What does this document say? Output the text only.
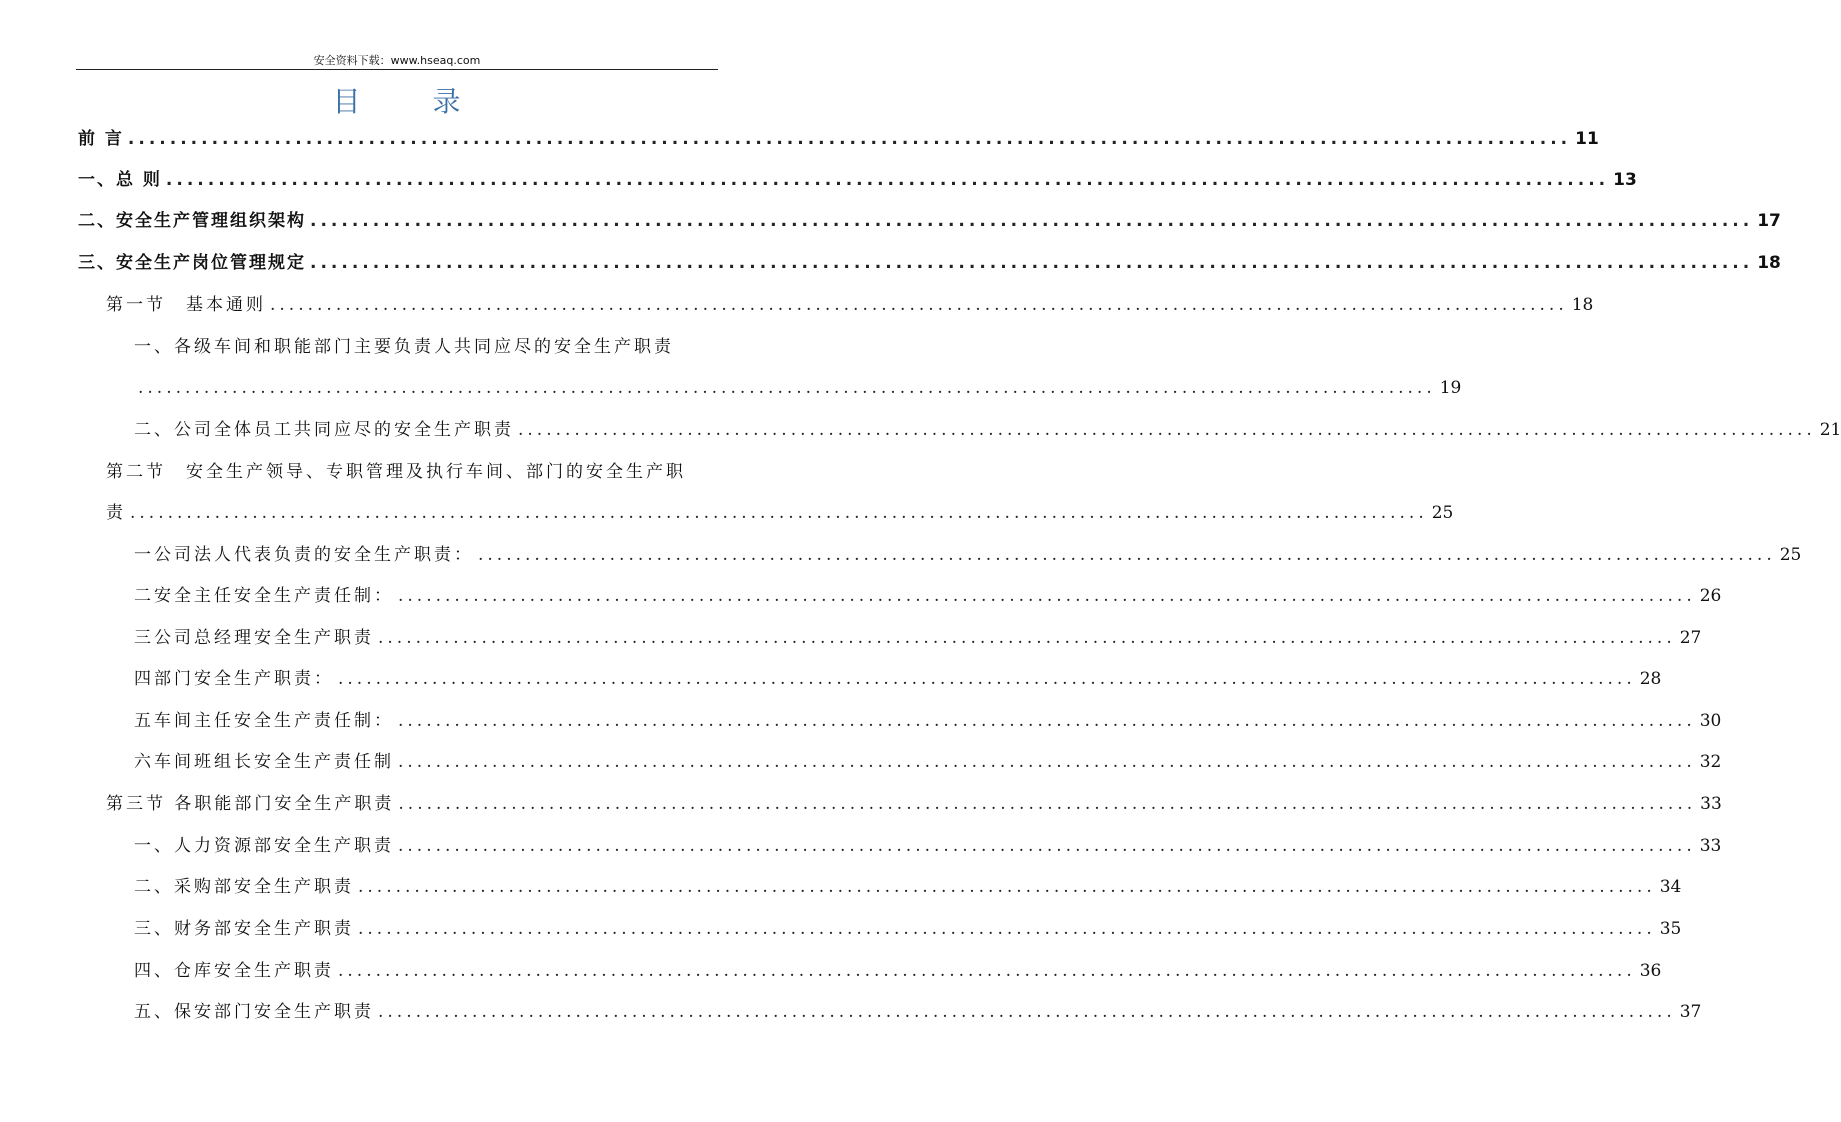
安全资料下载：www.hseaq.com
目　录
前 言 .......................................................................................................................................... 11
一、总 则 .......................................................................................................................................... 13
二、安全生产管理组织架构 .......................................................................................................................................... 17
三、安全生产岗位管理规定 .......................................................................................................................................... 18
第一节　基本通则 .......................................................................................................................................... 18
一、各级车间和职能部门主要负责人共同应尽的安全生产职责
.......................................................................................................................................... 19
二、公司全体员工共同应尽的安全生产职责 .......................................................................................................................................... 21
第二节　安全生产领导、专职管理及执行车间、部门的安全生产职
责 .......................................................................................................................................... 25
一公司法人代表负责的安全生产职责： .......................................................................................................................................... 25
二安全主任安全生产责任制： .......................................................................................................................................... 26
三公司总经理安全生产职责 .......................................................................................................................................... 27
四部门安全生产职责： .......................................................................................................................................... 28
五车间主任安全生产责任制： .......................................................................................................................................... 30
六车间班组长安全生产责任制 .......................................................................................................................................... 32
第三节 各职能部门安全生产职责 .......................................................................................................................................... 33
一、人力资源部安全生产职责 .......................................................................................................................................... 33
二、采购部安全生产职责 .......................................................................................................................................... 34
三、财务部安全生产职责 .......................................................................................................................................... 35
四、仓库安全生产职责 .......................................................................................................................................... 36
五、保安部门安全生产职责 .......................................................................................................................................... 37
